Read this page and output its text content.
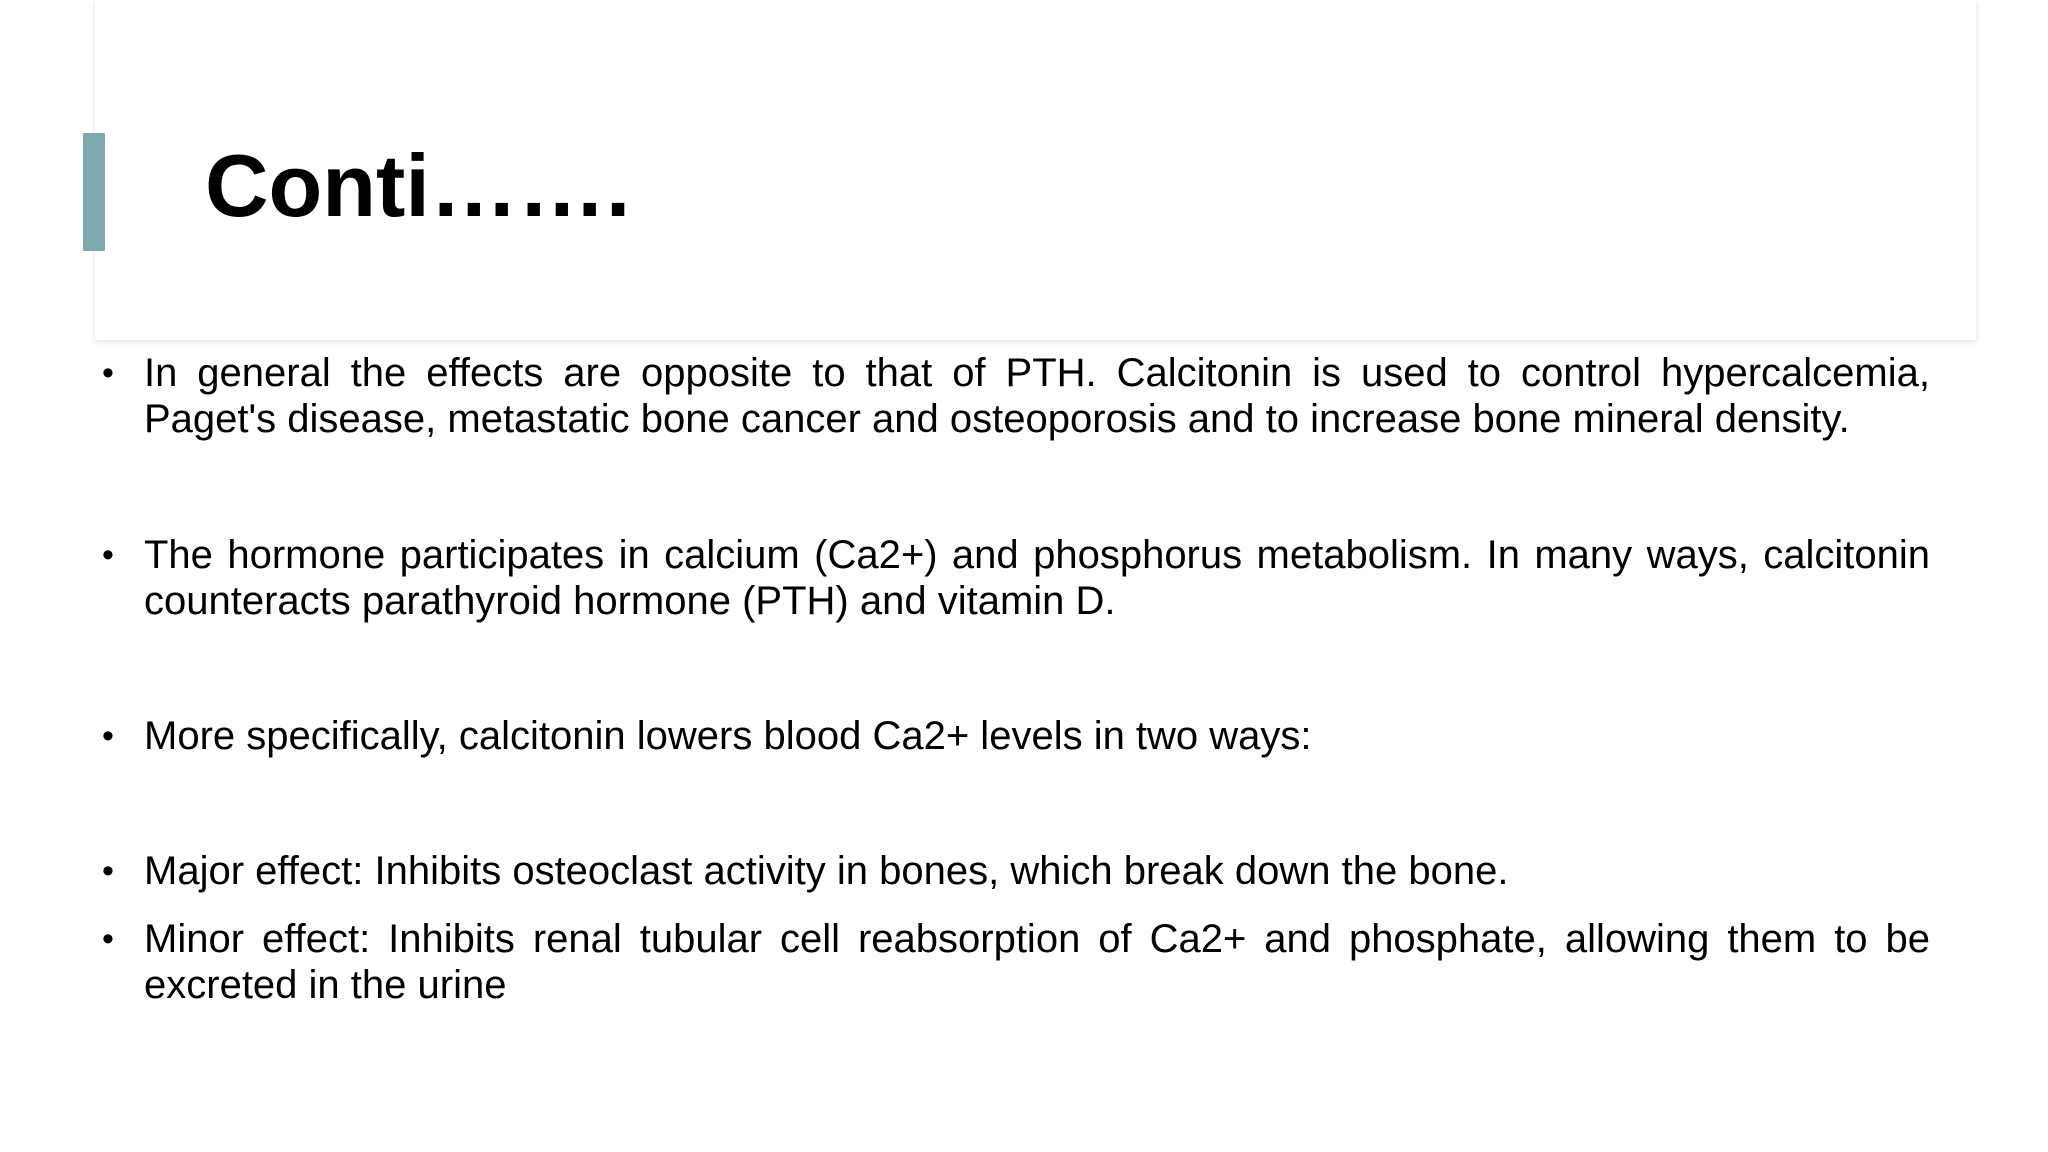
Conti…….
• In general the effects are opposite to that of PTH. Calcitonin is used to control hypercalcemia, Paget's disease, metastatic bone cancer and osteoporosis and to increase bone mineral density.
• The hormone participates in calcium (Ca2+) and phosphorus metabolism. In many ways, calcitonin counteracts parathyroid hormone (PTH) and vitamin D.
• More specifically, calcitonin lowers blood Ca2+ levels in two ways:
• Major effect: Inhibits osteoclast activity in bones, which break down the bone.
• Minor effect: Inhibits renal tubular cell reabsorption of Ca2+ and phosphate, allowing them to be excreted in the urine
